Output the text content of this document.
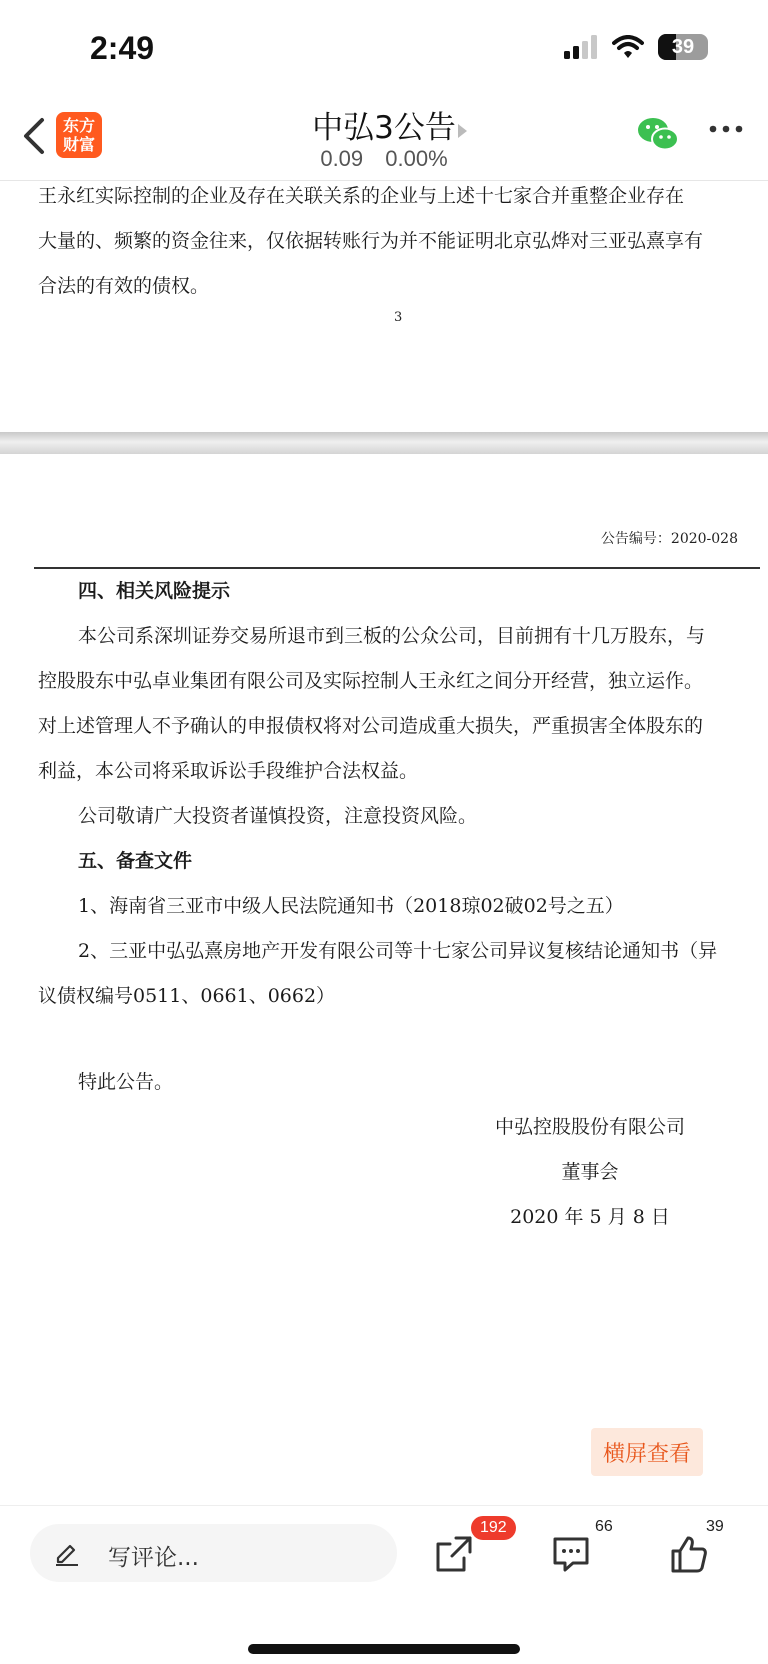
2:49	39
东方
财富	中弘3公告
0.09 0.00%
王永红实际控制的企业及存在关联关系的企业与上述十七家合并重整企业存在
大量的、频繁的资金往来，仅依据转账行为并不能证明北京弘烨对三亚弘熹享有
合法的有效的债权。
3
公告编号：2020-028
四、相关风险提示
本公司系深圳证券交易所退市到三板的公众公司，目前拥有十几万股东，与
控股股东中弘卓业集团有限公司及实际控制人王永红之间分开经营，独立运作。
对上述管理人不予确认的申报债权将对公司造成重大损失，严重损害全体股东的
利益，本公司将采取诉讼手段维护合法权益。
公司敬请广大投资者谨慎投资，注意投资风险。
五、备查文件
1、海南省三亚市中级人民法院通知书（2018琼02破02号之五）
2、三亚中弘弘熹房地产开发有限公司等十七家公司异议复核结论通知书（异
议债权编号0511、0661、0662）
特此公告。
中弘控股股份有限公司
董事会
2020 年 5 月 8 日
横屏查看
写评论...
192	66	39
